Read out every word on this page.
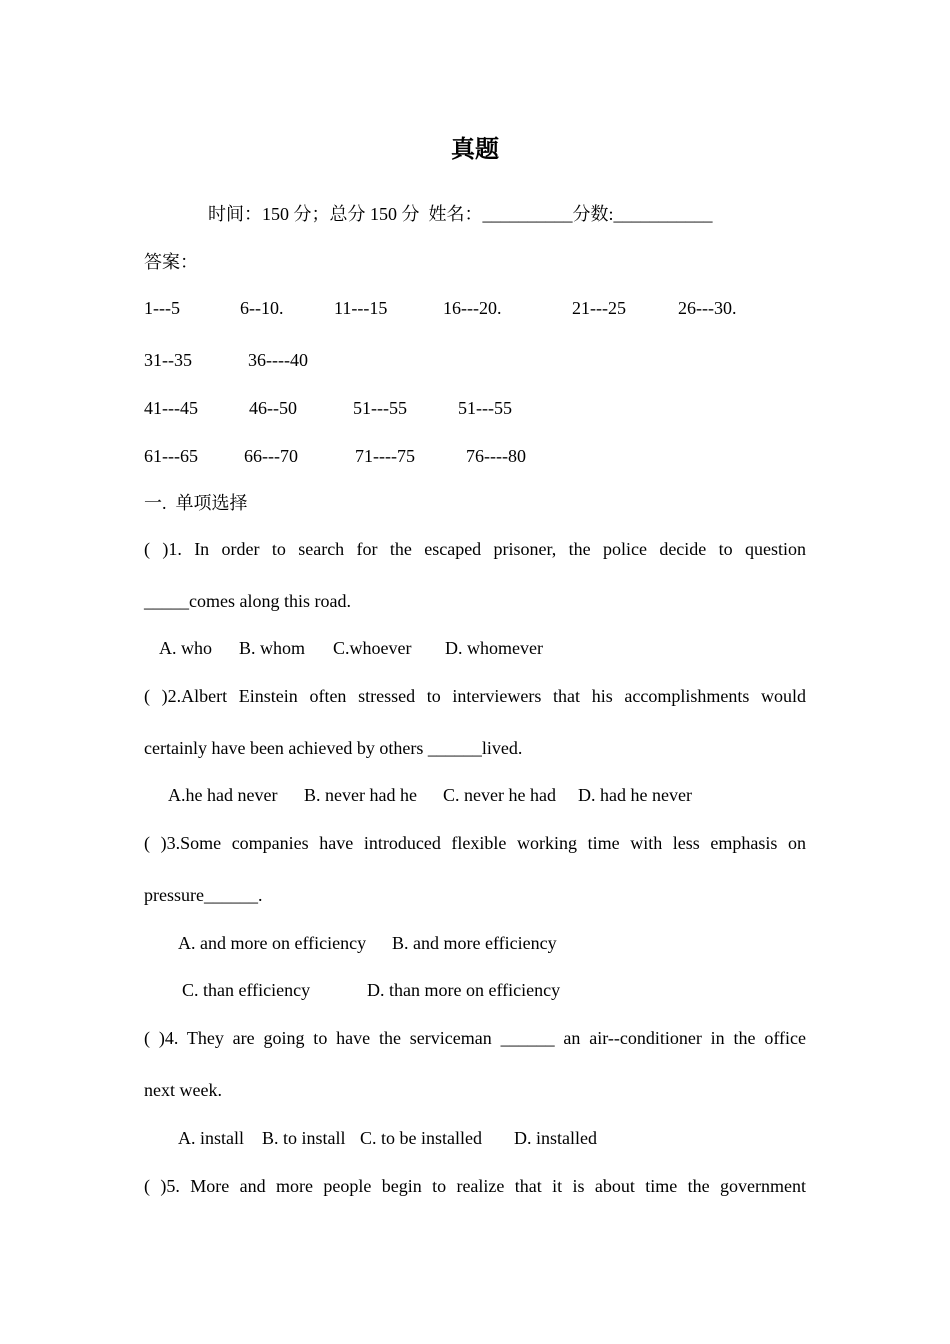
真题
时间：150 分；总分 150 分  姓名：__________分数:___________
答案：
1---5	6--10.	11---15	16---20.	21---25	26---30.
31--35	36----40
41---45	46--50	51---55	51---55
61---65	66---70	71----75	76----80
一.  单项选择
( )1. In order to search for the escaped prisoner, the police decide to question
_____comes along this road.
A. who B. whom C.whoever D. whomever
( )2.Albert Einstein often stressed to interviewers that his accomplishments would
certainly have been achieved by others ______lived.
A.he had never B. never had he C. never he had D. had he never
( )3.Some companies have introduced flexible working time with less emphasis on
pressure______.
A. and more on efficiency B. and more efficiency
C. than efficiency	D. than more on efficiency
( )4. They are going to have the serviceman ______ an air--conditioner in the office
next week.
A. install B. to install C. to be installed D. installed
( )5. More and more people begin to realize that it is about time the government
